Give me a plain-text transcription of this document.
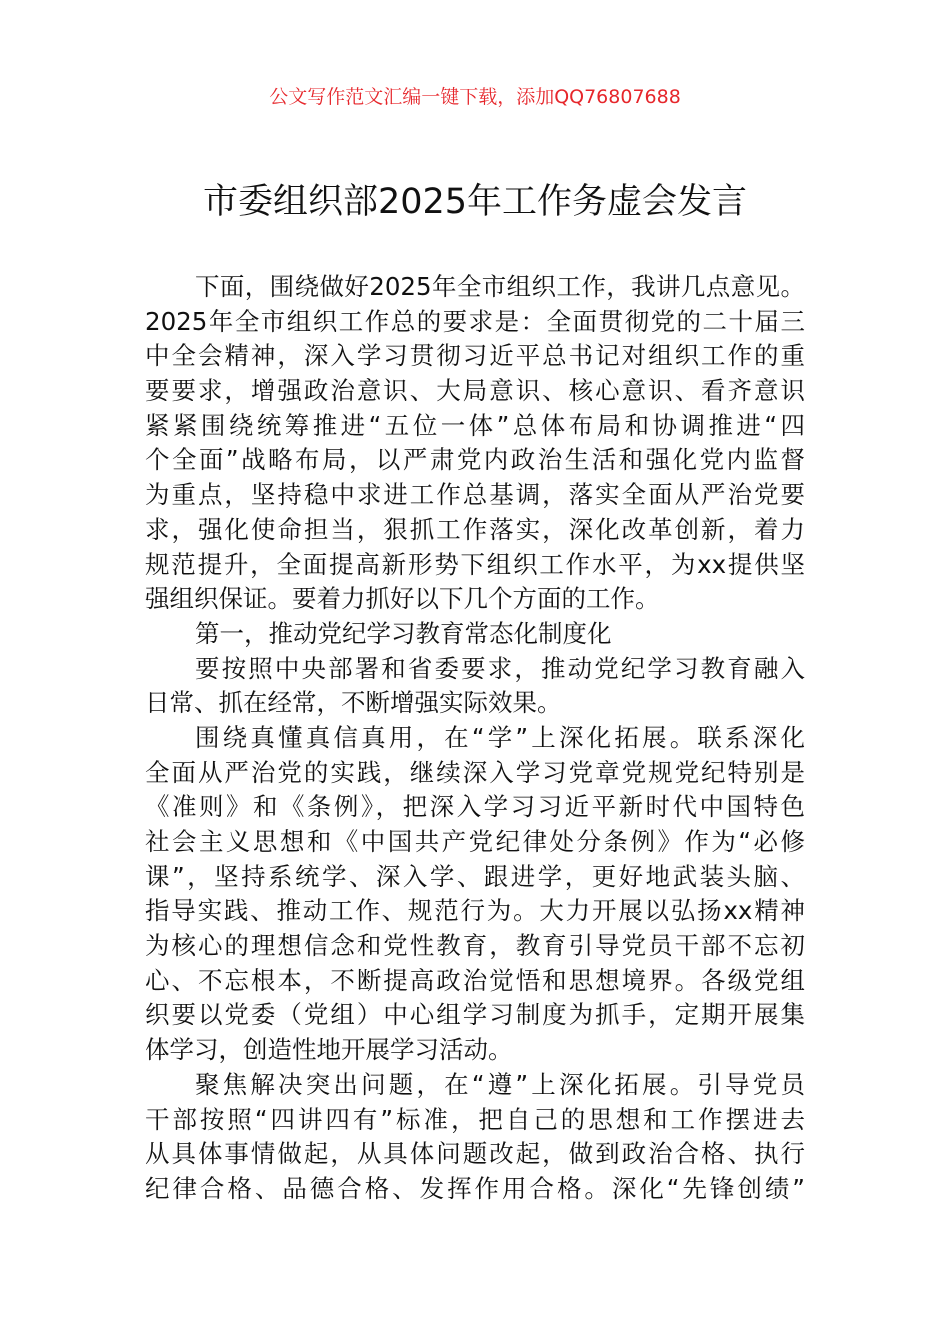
公文写作范文汇编一键下载，添加QQ76807688
市委组织部2025年工作务虚会发言
下面，围绕做好2025年全市组织工作，我讲几点意见。
2025年全市组织工作总的要求是：全面贯彻党的二十届三
中全会精神，深入学习贯彻习近平总书记对组织工作的重
要要求，增强政治意识、大局意识、核心意识、看齐意识
紧紧围绕统筹推进“五位一体”总体布局和协调推进“四
个全面”战略布局，以严肃党内政治生活和强化党内监督
为重点，坚持稳中求进工作总基调，落实全面从严治党要
求，强化使命担当，狠抓工作落实，深化改革创新，着力
规范提升，全面提高新形势下组织工作水平，为xx提供坚
强组织保证。要着力抓好以下几个方面的工作。
第一，推动党纪学习教育常态化制度化
要按照中央部署和省委要求，推动党纪学习教育融入
日常、抓在经常，不断增强实际效果。
围绕真懂真信真用，在“学”上深化拓展。联系深化
全面从严治党的实践，继续深入学习党章党规党纪特别是
《准则》和《条例》，把深入学习习近平新时代中国特色
社会主义思想和《中国共产党纪律处分条例》作为“必修
课”，坚持系统学、深入学、跟进学，更好地武装头脑、
指导实践、推动工作、规范行为。大力开展以弘扬xx精神
为核心的理想信念和党性教育，教育引导党员干部不忘初
心、不忘根本，不断提高政治觉悟和思想境界。各级党组
织要以党委（党组）中心组学习制度为抓手，定期开展集
体学习，创造性地开展学习活动。
聚焦解决突出问题，在“遵”上深化拓展。引导党员
干部按照“四讲四有”标准，把自己的思想和工作摆进去
从具体事情做起，从具体问题改起，做到政治合格、执行
纪律合格、品德合格、发挥作用合格。深化“先锋创绩”
